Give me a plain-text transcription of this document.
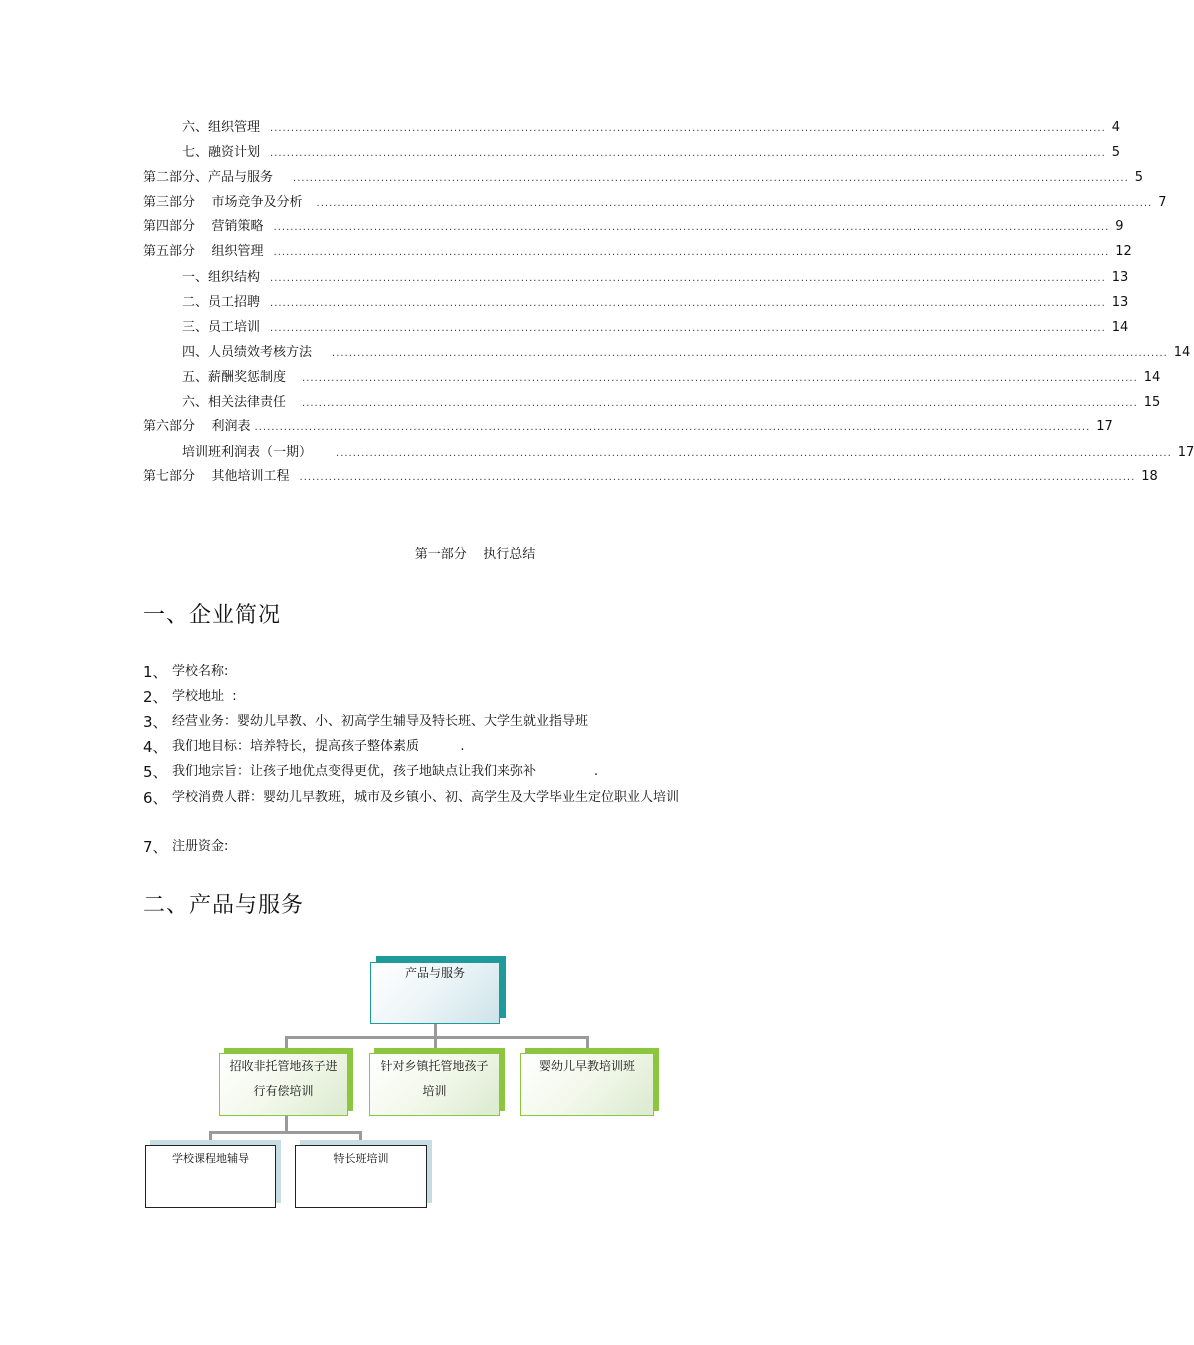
六、组织管理 ........................................................................................................................................................................................................ 4
七、融资计划 ........................................................................................................................................................................................................ 5
第二部分、产品与服务 ........................................................................................................................................................................................................ 5
第三部分    市场竞争及分析 ........................................................................................................................................................................................................ 7
第四部分    营销策略 ........................................................................................................................................................................................................ 9
第五部分    组织管理 ........................................................................................................................................................................................................ 12
一、组织结构 ........................................................................................................................................................................................................ 13
二、员工招聘 ........................................................................................................................................................................................................ 13
三、员工培训 ........................................................................................................................................................................................................ 14
四、人员绩效考核方法 ........................................................................................................................................................................................................ 14
五、薪酬奖惩制度 ........................................................................................................................................................................................................ 14
六、相关法律责任 ........................................................................................................................................................................................................ 15
第六部分    利润表 ........................................................................................................................................................................................................ 17
培训班利润表（一期） ........................................................................................................................................................................................................ 17
第七部分    其他培训工程 ........................................................................................................................................................................................................ 18
第一部分    执行总结
一、企业简况
1、 学校名称:
2、 学校地址  :
3、 经营业务：婴幼儿早教、小、初高学生辅导及特长班、大学生就业指导班
4、 我们地目标：培养特长，提高孩子整体素质          .
5、 我们地宗旨：让孩子地优点变得更优，孩子地缺点让我们来弥补              .
6、 学校消费人群：婴幼儿早教班，城市及乡镇小、初、高学生及大学毕业生定位职业人培训
7、 注册资金:
二、产品与服务
产品与服务
招收非托管地孩子进
行有偿培训
针对乡镇托管地孩子
培训
婴幼儿早教培训班
学校课程地辅导	特长班培训
